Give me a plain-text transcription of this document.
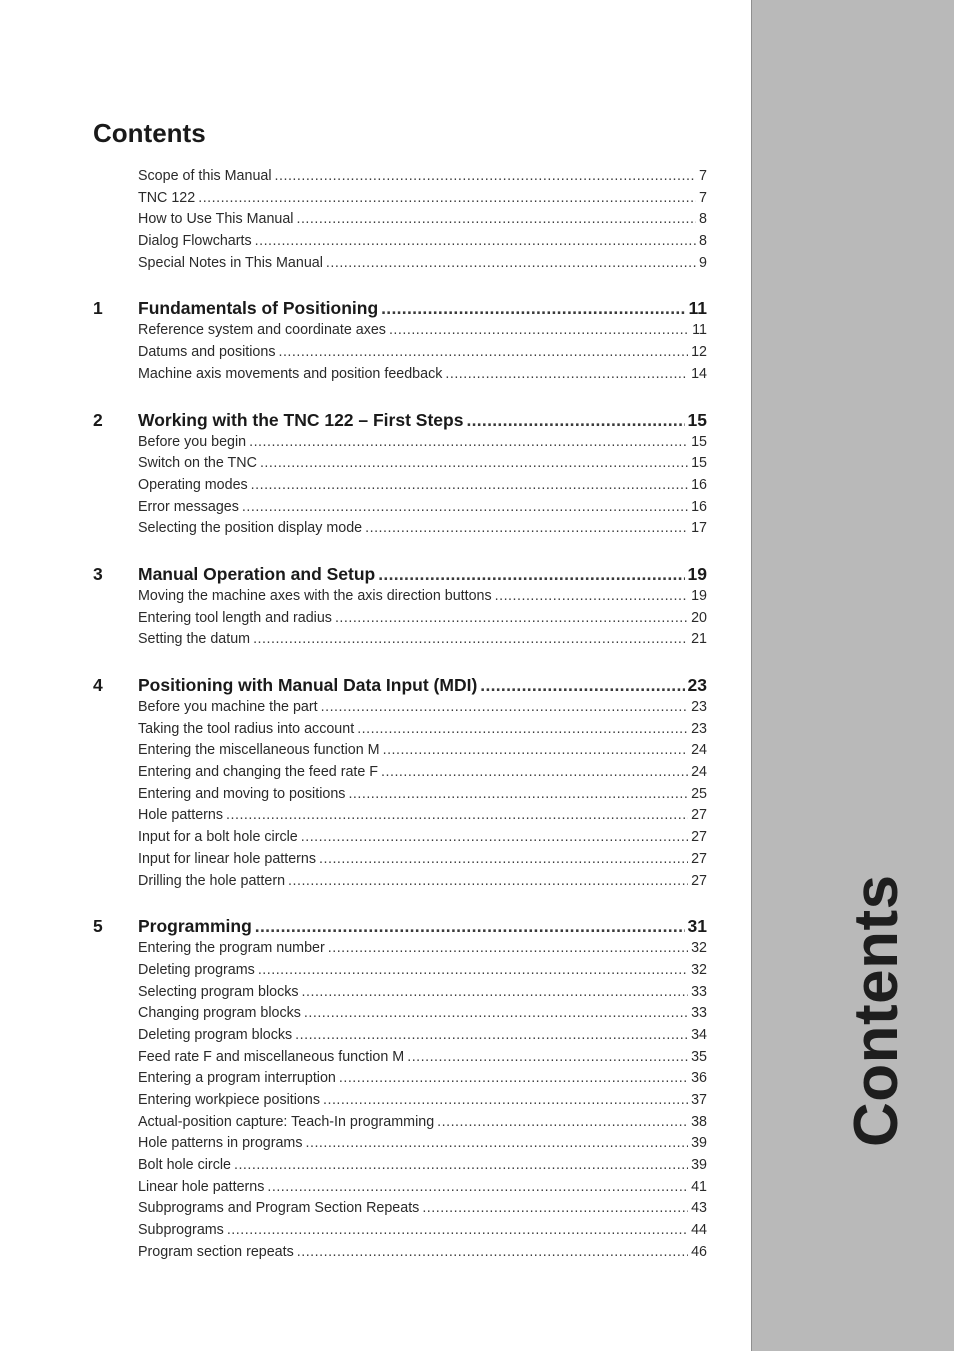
Contents
Contents
Scope of this Manual .....	7
TNC 122 .....	7
How to Use This Manual .....	8
Dialog Flowcharts .....	8
Special Notes in This Manual .....	9
1	Fundamentals of Positioning .....	11
Reference system and coordinate axes .....	11
Datums and positions .....	12
Machine axis movements and position feedback .....	14
2	Working with the TNC 122 – First Steps .....	15
Before you begin .....	15
Switch on the TNC .....	15
Operating modes .....	16
Error messages .....	16
Selecting the position display mode .....	17
3	Manual Operation and Setup .....	19
Moving the machine axes with the axis direction buttons .....	19
Entering tool length and radius .....	20
Setting the datum .....	21
4	Positioning with Manual Data Input (MDI) .....	23
Before you machine the part .....	23
Taking the tool radius into account .....	23
Entering the miscellaneous function M .....	24
Entering and changing the feed rate F .....	24
Entering and moving to positions .....	25
Hole patterns .....	27
Input for a bolt hole circle .....	27
Input for linear hole patterns .....	27
Drilling the hole pattern .....	27
5	Programming .....	31
Entering the program number .....	32
Deleting programs .....	32
Selecting program blocks .....	33
Changing program blocks .....	33
Deleting program blocks .....	34
Feed rate F and miscellaneous function M .....	35
Entering a program interruption .....	36
Entering workpiece positions .....	37
Actual-position capture: Teach-In programming .....	38
Hole patterns in programs .....	39
Bolt hole circle .....	39
Linear hole patterns .....	41
Subprograms and Program Section Repeats .....	43
Subprograms .....	44
Program section repeats .....	46
